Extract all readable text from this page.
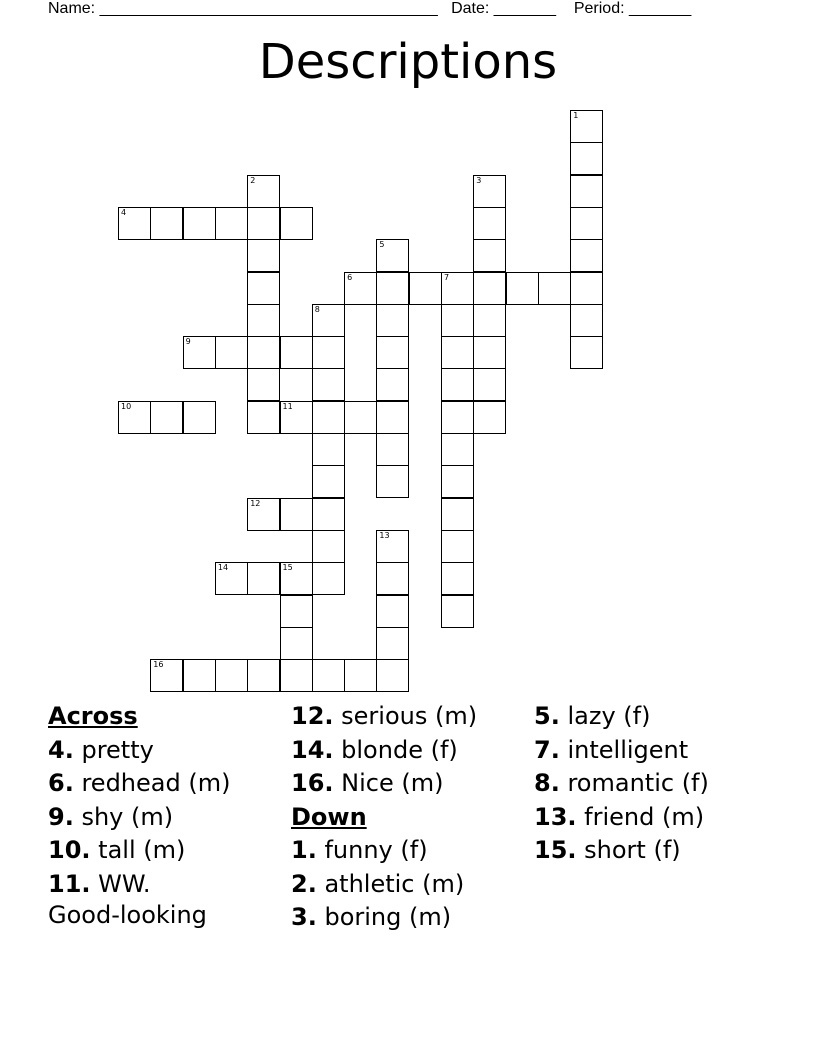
Name: ______________________________________ Date: _______ Period: _______
Descriptions
1
2	3
4
5
6	7
8
9
10	11
12
13
14	15
16
Across
4. pretty
6. redhead (m)
9. shy (m)
10. tall (m)
11. WW.
Good-looking
12. serious (m)
14. blonde (f)
16. Nice (m)
Down
1. funny (f)
2. athletic (m)
3. boring (m)
5. lazy (f)
7. intelligent
8. romantic (f)
13. friend (m)
15. short (f)
